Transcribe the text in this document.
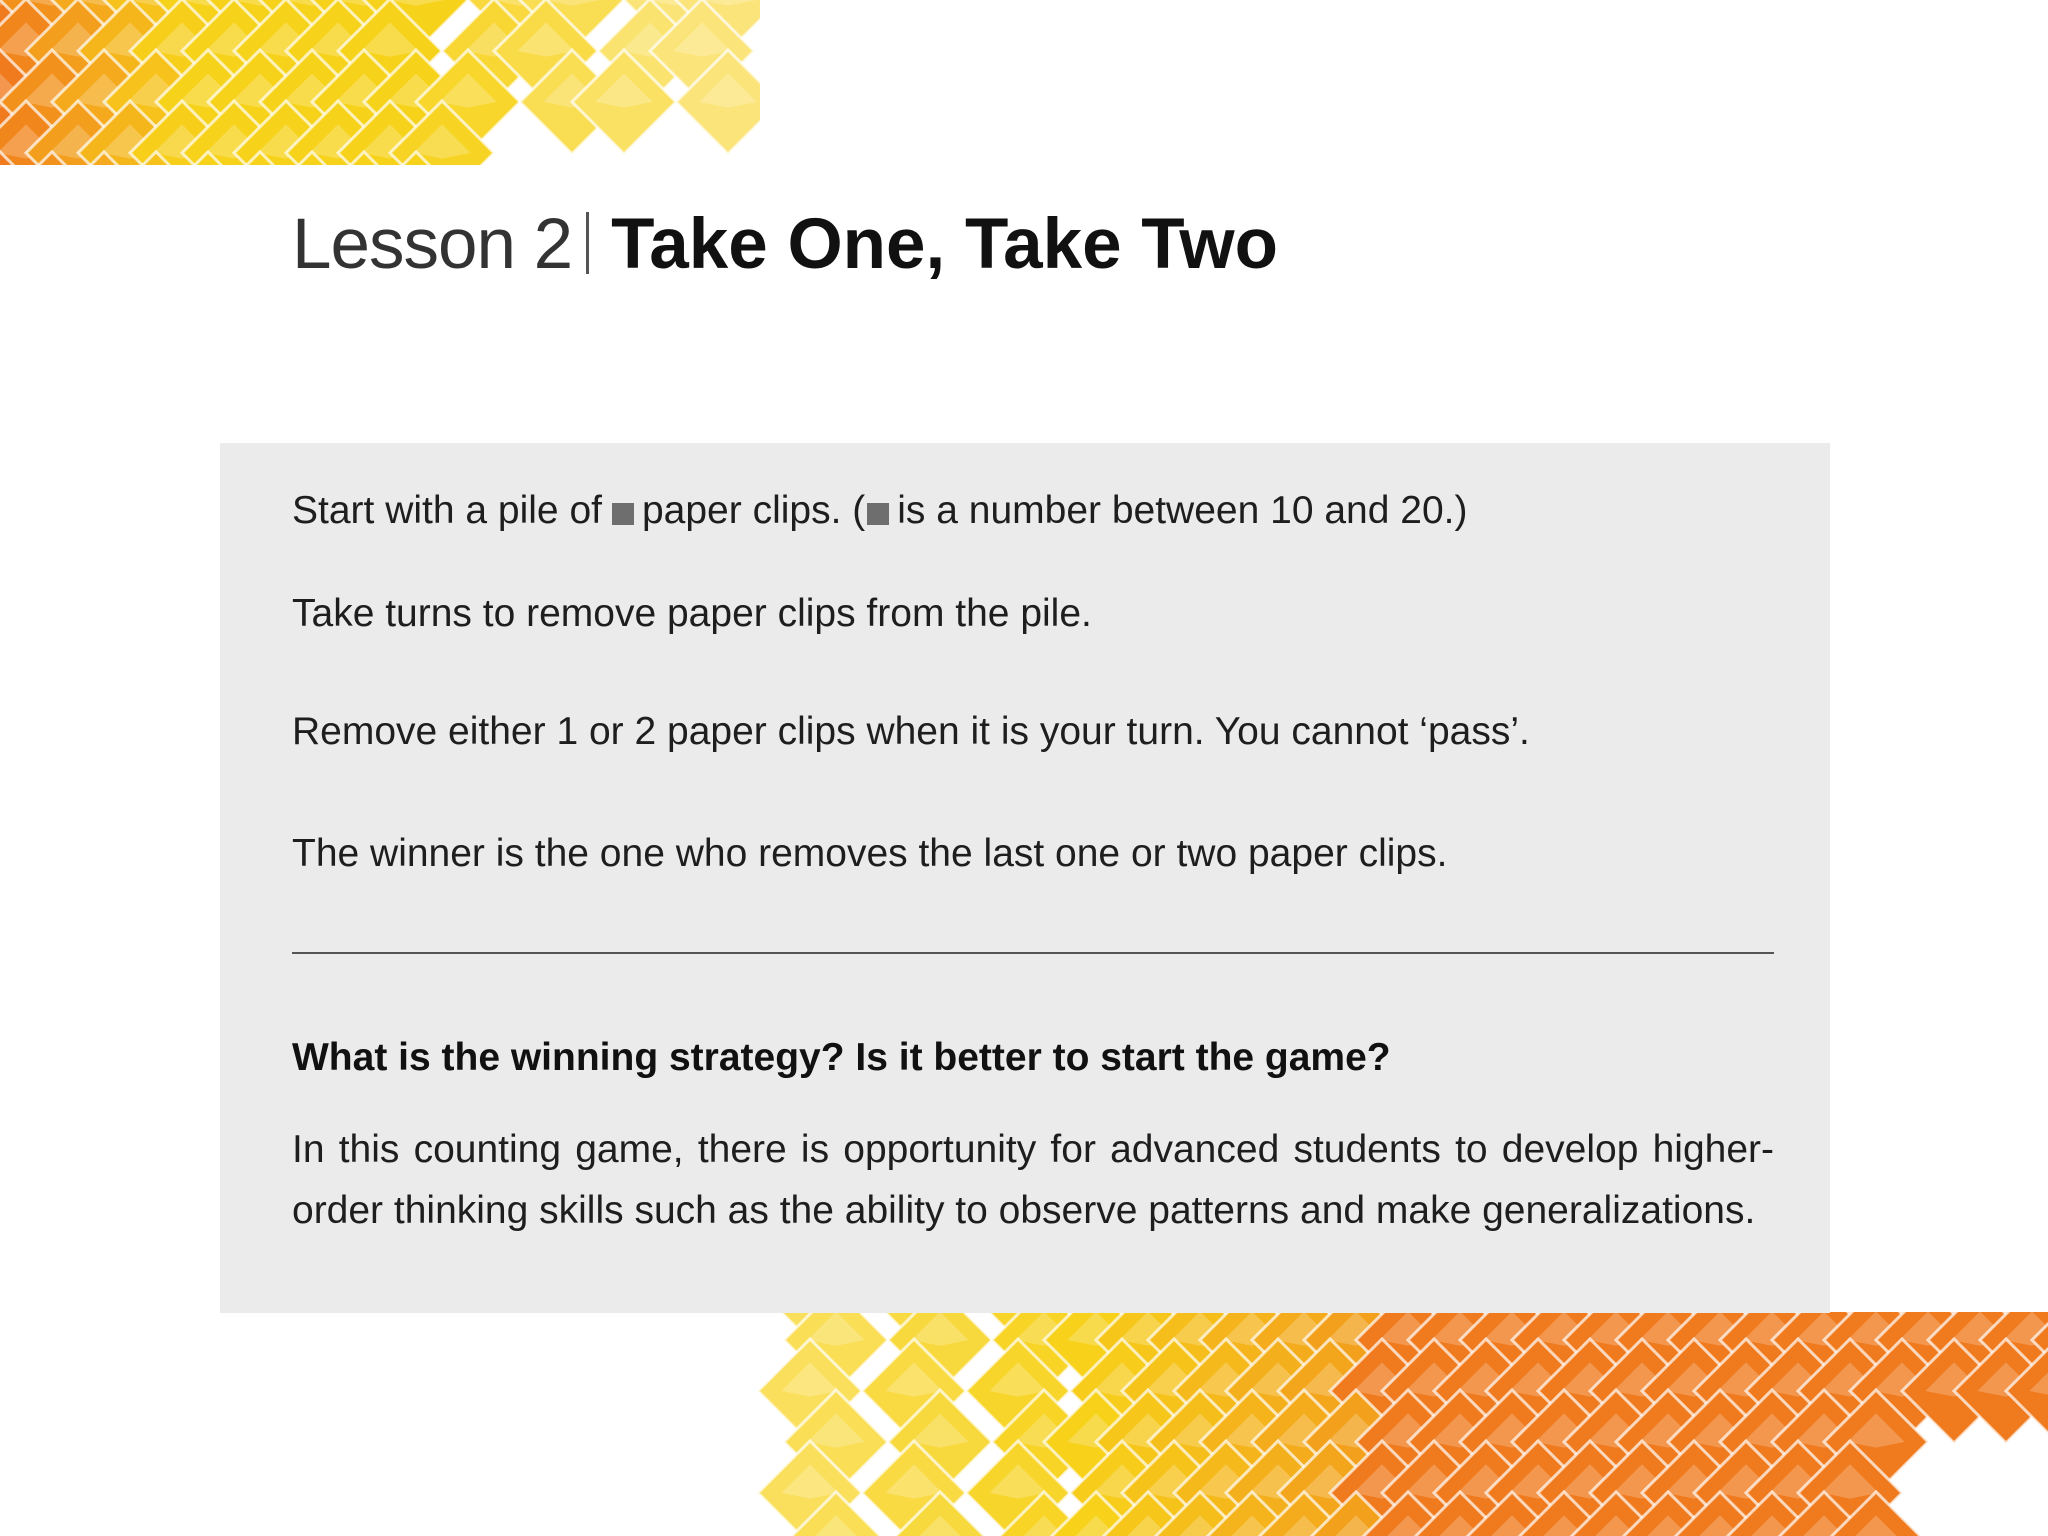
Lesson 2 Take One, Take Two
Start with a pile of paper clips. ( is a number between 10 and 20.)
Take turns to remove paper clips from the pile.
Remove either 1 or 2 paper clips when it is your turn. You cannot ‘pass’.
The winner is the one who removes the last one or two paper clips.
What is the winning strategy? Is it better to start the game?
In this counting game, there is opportunity for advanced students to develop higher-order thinking skills such as the ability to observe patterns and make generalizations.
